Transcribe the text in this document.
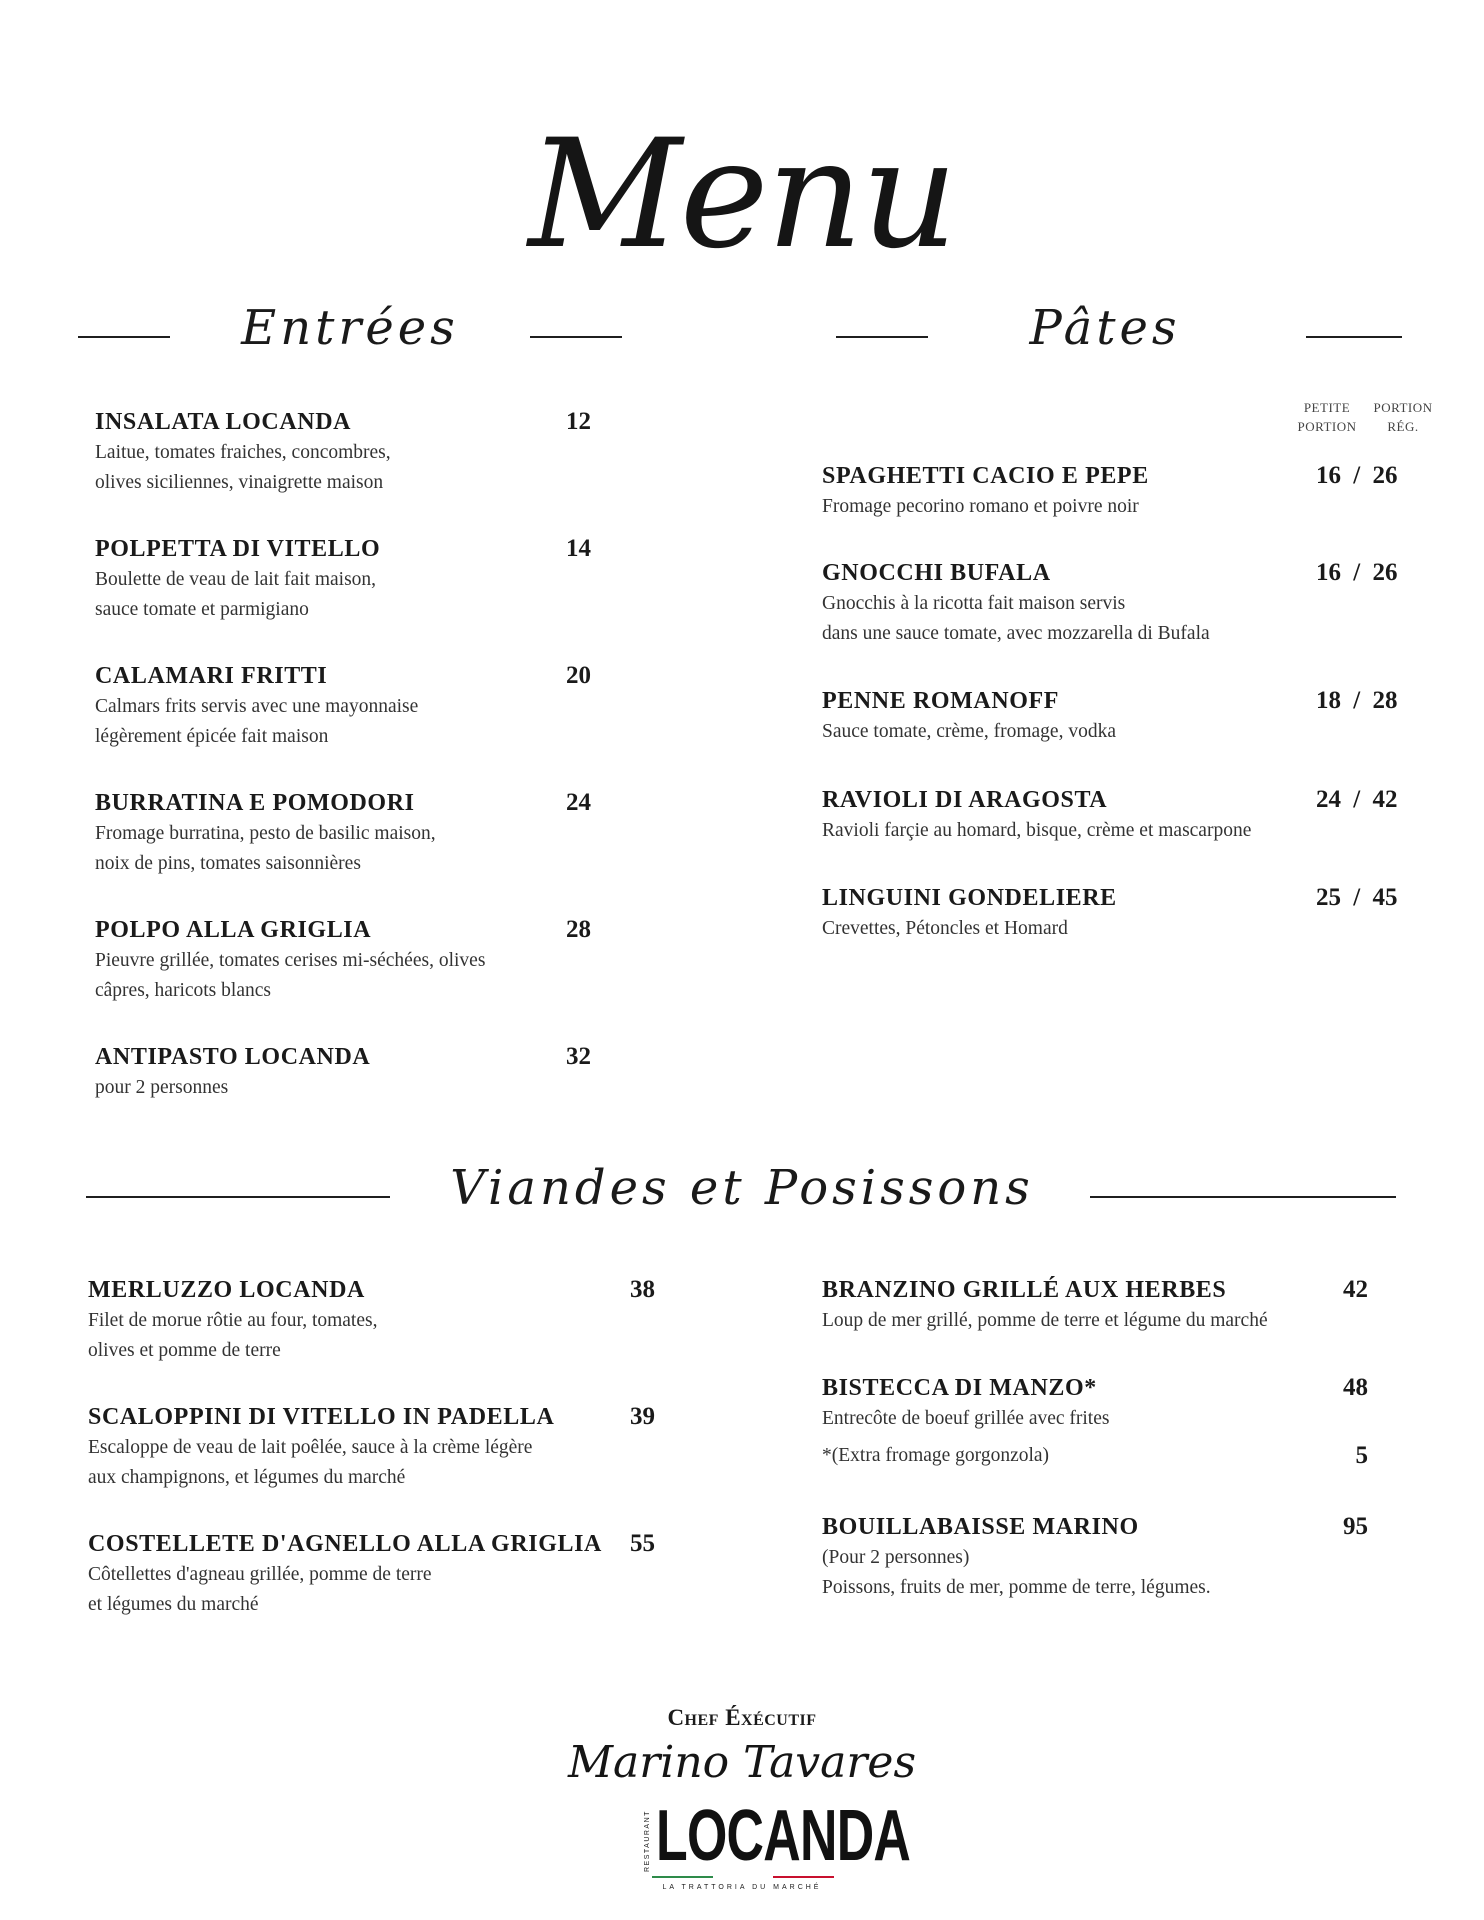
Menu
Entrées	Pâtes
INSALATA LOCANDA
Laitue, tomates fraiches, concombres,
olives siciliennes, vinaigrette maison
12
POLPETTA DI VITELLO
Boulette de veau de lait fait maison,
sauce tomate et parmigiano
14
CALAMARI FRITTI
Calmars frits servis avec une mayonnaise
légèrement épicée fait maison
20
BURRATINA E POMODORI
Fromage burratina, pesto de basilic maison,
noix de pins, tomates saisonnières
24
POLPO ALLA GRIGLIA
Pieuvre grillée, tomates cerises mi-séchées, olives
câpres, haricots blancs
28
ANTIPASTO LOCANDA
pour 2 personnes
32
PETITE
PORTION
PORTION
RÉG.
SPAGHETTI CACIO E PEPE
Fromage pecorino romano et poivre noir
16 / 26
GNOCCHI BUFALA
Gnocchis à la ricotta fait maison servis
dans une sauce tomate, avec mozzarella di Bufala
16 / 26
PENNE ROMANOFF
Sauce tomate, crème, fromage, vodka
18 / 28
RAVIOLI DI ARAGOSTA
Ravioli farçie au homard, bisque, crème et mascarpone
24 / 42
LINGUINI GONDELIERE
Crevettes, Pétoncles et Homard
25 / 45
Viandes et Posissons
MERLUZZO LOCANDA
Filet de morue rôtie au four, tomates,
olives et pomme de terre
38
SCALOPPINI DI VITELLO IN PADELLA
Escaloppe de veau de lait poêlée, sauce à la crème légère
aux champignons, et légumes du marché
39
COSTELLETE D'AGNELLO ALLA GRIGLIA
Côtellettes d'agneau grillée, pomme de terre
et légumes du marché
55
BRANZINO GRILLÉ AUX HERBES
Loup de mer grillé, pomme de terre et légume du marché
42
BISTECCA DI MANZO*
Entrecôte de boeuf grillée avec frites
48
*(Extra fromage gorgonzola)	5
BOUILLABAISSE MARINO
(Pour 2 personnes)
Poissons, fruits de mer, pomme de terre, légumes.
95
Chef Éxécutif
Marino Tavares
RESTAURANT LOCANDA
LA TRATTORIA DU MARCHÉ
